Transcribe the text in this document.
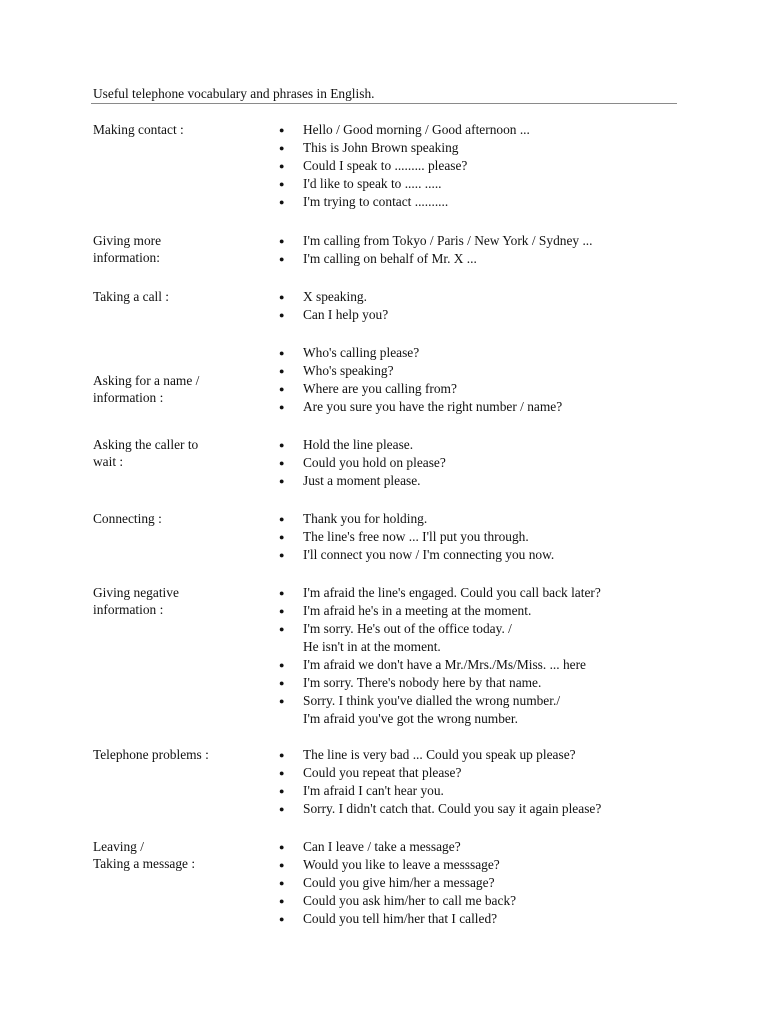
Useful telephone vocabulary and phrases in English.
Making contact :	● Hello / Good morning / Good afternoon ...
● This is John Brown speaking
● Could I speak to ......... please?
● I'd like to speak to ..... .....
● I'm trying to contact ..........
Giving more
information:
● I'm calling from Tokyo / Paris / New York / Sydney ...
● I'm calling on behalf of Mr. X ...
Taking a call :	● X speaking.
● Can I help you?
Asking for a name /
information :
● Who's calling please?
● Who's speaking?
● Where are you calling from?
● Are you sure you have the right number / name?
Asking the caller to
wait :
● Hold the line please.
● Could you hold on please?
● Just a moment please.
Connecting :	● Thank you for holding.
● The line's free now ... I'll put you through.
● I'll connect you now / I'm connecting you now.
Giving negative
information :
● I'm afraid the line's engaged. Could you call back later?
● I'm afraid he's in a meeting at the moment.
● I'm sorry. He's out of the office today. /
He isn't in at the moment.
● I'm afraid we don't have a Mr./Mrs./Ms/Miss. ... here
● I'm sorry. There's nobody here by that name.
● Sorry. I think you've dialled the wrong number./
I'm afraid you've got the wrong number.
Telephone problems :	● The line is very bad ... Could you speak up please?
● Could you repeat that please?
● I'm afraid I can't hear you.
● Sorry. I didn't catch that. Could you say it again please?
Leaving /
Taking a message :
● Can I leave / take a message?
● Would you like to leave a messsage?
● Could you give him/her a message?
● Could you ask him/her to call me back?
● Could you tell him/her that I called?
